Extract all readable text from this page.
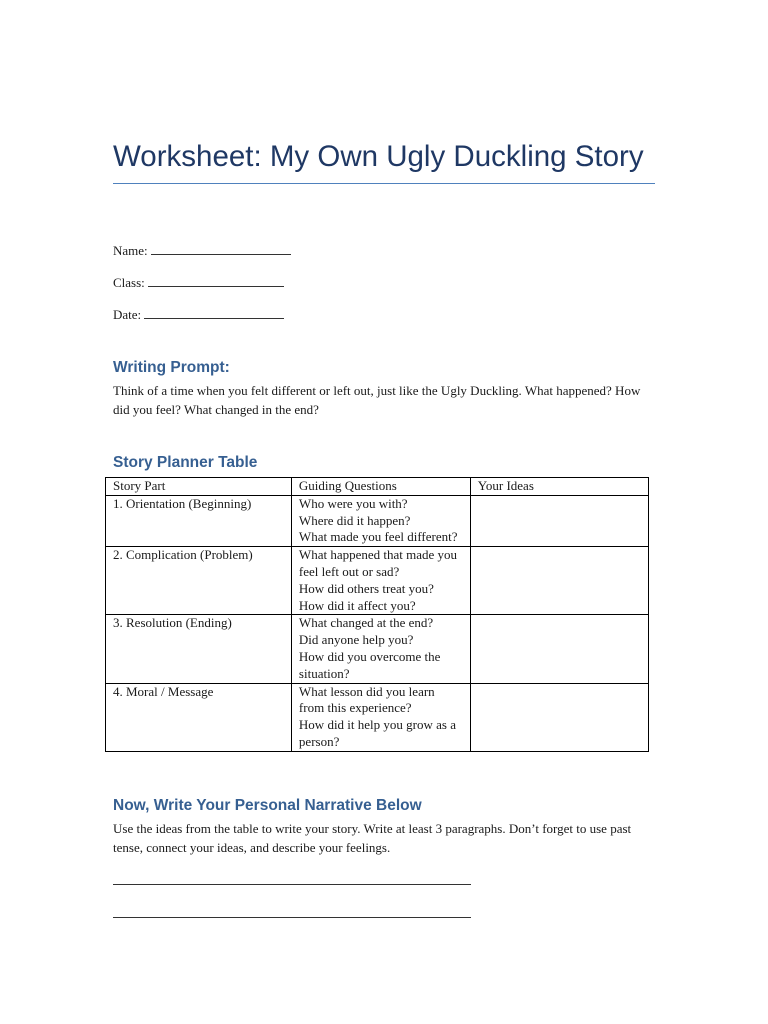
Worksheet: My Own Ugly Duckling Story

Name:

Class:

Date:

Writing Prompt:

Think of a time when you felt different or left out, just like the Ugly Duckling. What happened? How did you feel? What changed in the end?

Story Planner Table
Story Part	Guiding Questions	Your Ideas
1. Orientation (Beginning)	Who were you with?
Where did it happen?
What made you feel different?	

2. Complication (Problem)	What happened that made you feel left out or sad?
How did others treat you?
How did it affect you?	

3. Resolution (Ending)	What changed at the end?
Did anyone help you?
How did you overcome the situation?	

4. Moral / Message	What lesson did you learn from this experience?
How did it help you grow as a person?	

Now, Write Your Personal Narrative Below

Use the ideas from the table to write your story. Write at least 3 paragraphs. Don’t forget to use past tense, connect your ideas, and describe your feelings.
